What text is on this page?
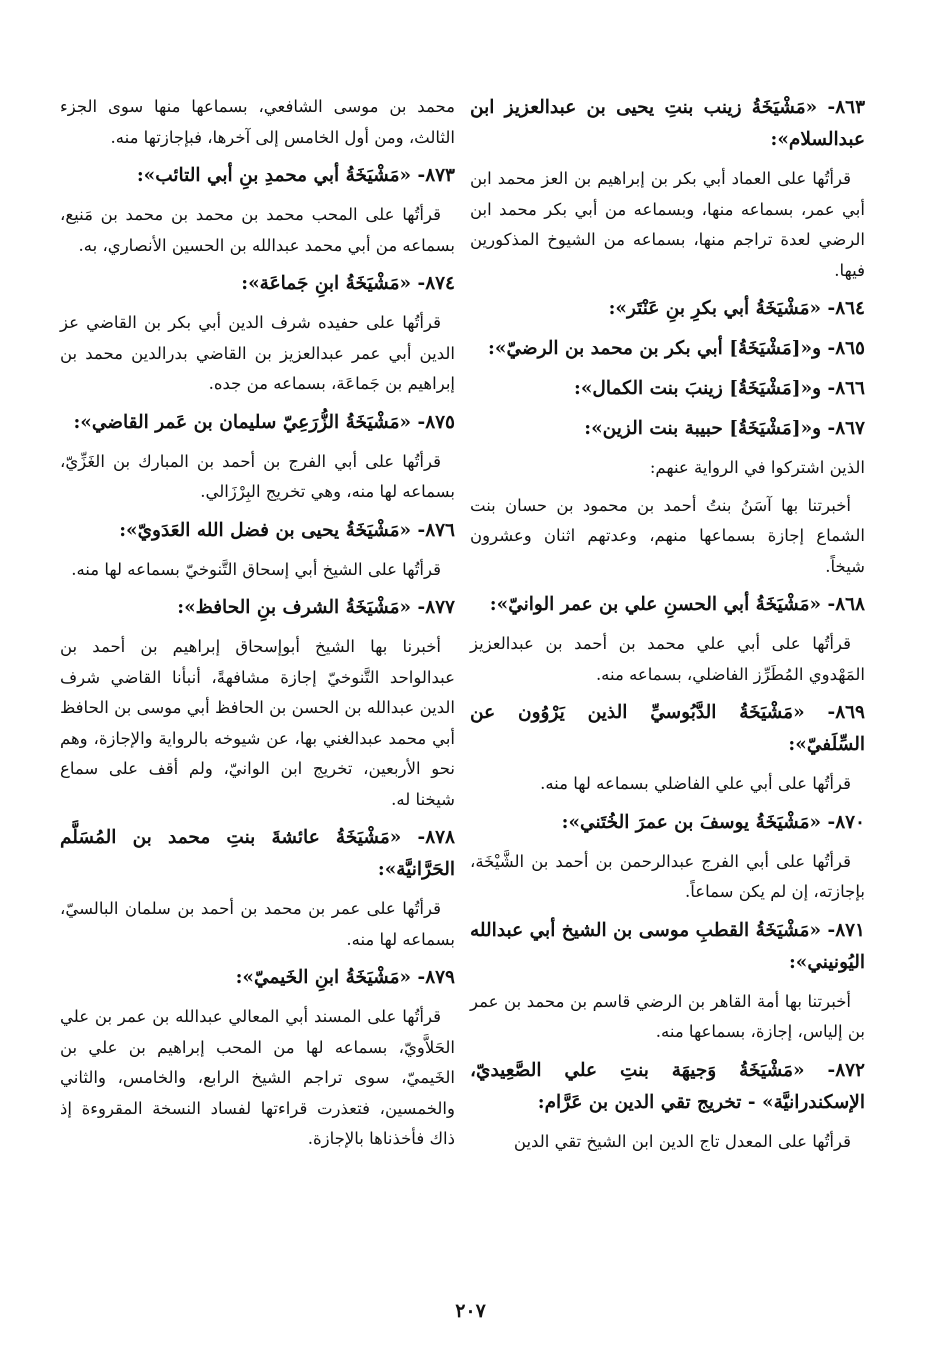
٨٦٣- «مَشْيَخَةُ زينب بنتِ يحيى بن عبدالعزيز ابن عبدالسلام»:
قرأتُها على العماد أبي بكر بن إبراهيم بن العز محمد ابن أبي عمر، بسماعه منها، وبسماعه من أبي بكر محمد ابن الرضي لعدة تراجم منها، بسماعه من الشيوخ المذكورين فيها.
٨٦٤- «مَشْيَخَةُ أبي بكرِ بنِ عَنْتَر»:
٨٦٥- و«[مَشْيَخَةُ] أبي بكر بن محمد بن الرضيّ»:
٨٦٦- و«[مَشْيَخَةُ] زينبَ بنت الكمال»:
٨٦٧- و«[مَشْيَخَةُ] حبيبة بنت الزين»:
الذين اشتركوا في الرواية عنهم:
أخبرتنا بها آسَنُ بنتُ أحمد بن محمود بن حسان بنت الشماع إجازة بسماعها منهم، وعدتهم اثنان وعشرون شيخاً.
٨٦٨- «مَشْيَخَةُ أبي الحسنِ علي بن عمر الوانيّ»:
قرأتُها على أبي علي محمد بن أحمد بن عبدالعزيز المَهْدوي المُطَرِّز الفاضلي، بسماعه منه.
٨٦٩- «مَشْيَخَةُ الدَّبُوسيِّ الذين يَرْوُون عن السِّلَفيّ»:
قرأتُها على أبي علي الفاضلي بسماعه لها منه.
٨٧٠- «مَشْيَخَةُ يوسفَ بن عمرَ الخُتَني»:
قرأتُها على أبي الفرج عبدالرحمن بن أحمد بن الشَّيْخَة، بإجازته، إن لم يكن سماعاً.
٨٧١- «مَشْيَخَةُ القطبِ موسى بن الشيخ أبي عبدالله اليُونيني»:
أخبرتنا بها أمة القاهر بن الرضي قاسم بن محمد بن عمر بن إلياس، إجازة، بسماعها منه.
٨٧٢- «مَشْيَخَةُ وَجيهَة بنتِ علي الصَّعِيديّ، الإسكندرانيَّة» - تخريج تقي الدين بن عَرَّام:
قرأتُها على المعدل تاج الدين ابن الشيخ تقي الدين
محمد بن موسى الشافعي، بسماعها منها سوى الجزء الثالث، ومن أول الخامس إلى آخرها، فبإجازتها منه.
٨٧٣- «مَشْيَخَةُ أبي محمدِ بنِ أبي التائب»:
قرأتُها على المحب محمد بن محمد بن محمد بن مَنيع، بسماعه من أبي محمد عبدالله بن الحسين الأنصاري، به.
٨٧٤- «مَشْيَخَةُ ابنِ جَماعَة»:
قرأتُها على حفيده شرف الدين أبي بكر بن القاضي عز الدين أبي عمر عبدالعزيز بن القاضي بدرالدين محمد بن إبراهيم بن جَماعَة، بسماعه من جده.
٨٧٥- «مَشْيَخَةُ الزُّرَعِيّ سليمان بن عَمر القاضي»:
قرأتُها على أبي الفرج بن أحمد بن المبارك بن الغَزِّيّ، بسماعه لها منه، وهي تخريج البِرْزَالي.
٨٧٦- «مَشْيَخَةُ يحيى بن فضل الله العَدَويّ»:
قرأتُها على الشيخ أبي إسحاق التَّنوخيّ بسماعه لها منه.
٨٧٧- «مَشْيَخَةُ الشرف بنِ الحافظ»:
أخبرنا بها الشيخ أبوإسحاق إبراهيم بن أحمد بن عبدالواحد التَّنوخيّ إجازة مشافهةً، أنبأنا القاضي شرف الدين عبدالله بن الحسن بن الحافظ أبي موسى بن الحافظ أبي محمد عبدالغني بها، عن شيوخه بالرواية والإجازة، وهم نحو الأربعين، تخريج ابن الوانيّ، ولم أقف على سماع شيخنا له.
٨٧٨- «مَشْيَخَةُ عائشةَ بنتِ محمد بن المُسَلَّم الحَرَّانيَّة»:
قرأتُها على عمر بن محمد بن أحمد بن سلمان البالسيّ، بسماعه لها منه.
٨٧٩- «مَشْيَخَةُ ابنِ الخَيميّ»:
قرأتُها على المسند أبي المعالي عبدالله بن عمر بن علي الحَلاَّويّ، بسماعه لها من المحب إبراهيم بن علي بن الخَيميّ، سوى تراجم الشيخ الرابع، والخامس، والثاني والخمسين، فتعذرت قراءتها لفساد النسخة المقروءة إذ ذاك فأخذناها بالإجازة.
٢٠٧
